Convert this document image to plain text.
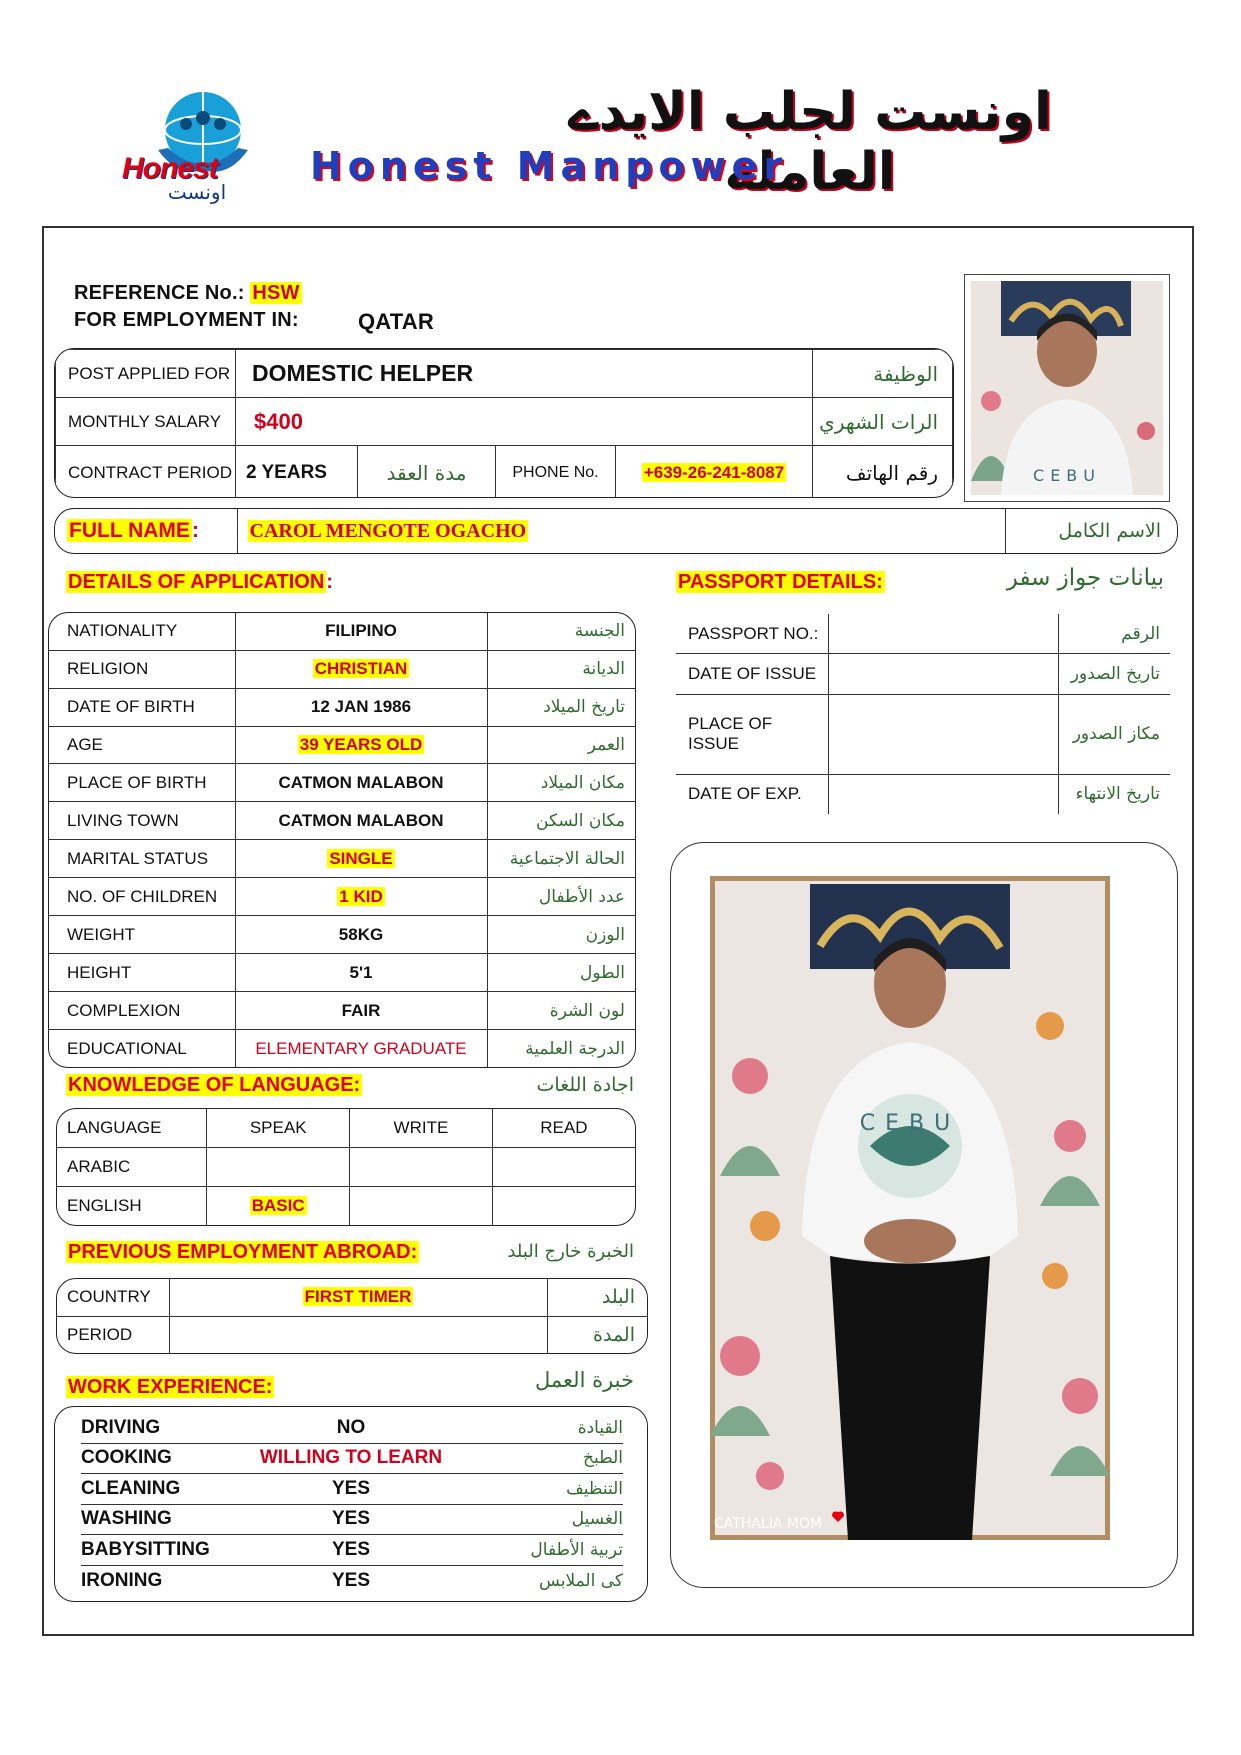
Honest
اونست
اونست لجلب الايدے العاملة
Honest Manpower
REFERENCE No.: HSW
FOR EMPLOYMENT IN:	QATAR
POST APPLIED FOR	DOMESTIC HELPER				الوظيفة
MONTHLY SALARY	$400				الرات الشهري
CONTRACT PERIOD	2 YEARS	مدة العقد	PHONE No.	+639-26-241-8087	رقم الهاتف	CEBU
FULL NAME:	CAROL MENGOTE OGACHO	الاسم الكامل
DETAILS OF APPLICATION :
NATIONALITY	FILIPINO	الجنسة
RELIGION	CHRISTIAN	الديانة
DATE OF BIRTH	12 JAN 1986	تاريخ الميلاد
AGE	39 YEARS OLD	العمر
PLACE OF BIRTH	CATMON MALABON	مكان الميلاد
LIVING TOWN	CATMON MALABON	مكان السكن
MARITAL STATUS	SINGLE	الحالة الاجتماعية
NO. OF CHILDREN	1 KID	عدد الأطفال
WEIGHT	58KG	الوزن
HEIGHT	5'1	الطول
COMPLEXION	FAIR	لون الشرة
EDUCATIONAL	ELEMENTARY GRADUATE	الدرجة العلمية
PASSPORT DETAILS:	بيانات جواز سفر
PASSPORT NO.:		الرقم
DATE OF ISSUE		تاريخ الصدور
PLACE OF ISSUE		مكاز الصدور
DATE OF EXP.		تاريخ الانتهاء
CEBU
CATHALIA MOM
KNOWLEDGE OF LANGUAGE:	اجادة اللغات
LANGUAGE	SPEAK	WRITE	READ
ARABIC			
ENGLISH	BASIC		
PREVIOUS EMPLOYMENT ABROAD:	الخبرة خارج البلد
COUNTRY	FIRST TIMER	البلد
PERIOD		المدة
WORK EXPERIENCE:	خبرة العمل
DRIVING	NO	القيادة
COOKING	WILLING TO LEARN	الطبخ
CLEANING	YES	التنظيف
WASHING	YES	الغسيل
BABYSITTING	YES	تربية الأطفال
IRONING	YES	كى الملابس
